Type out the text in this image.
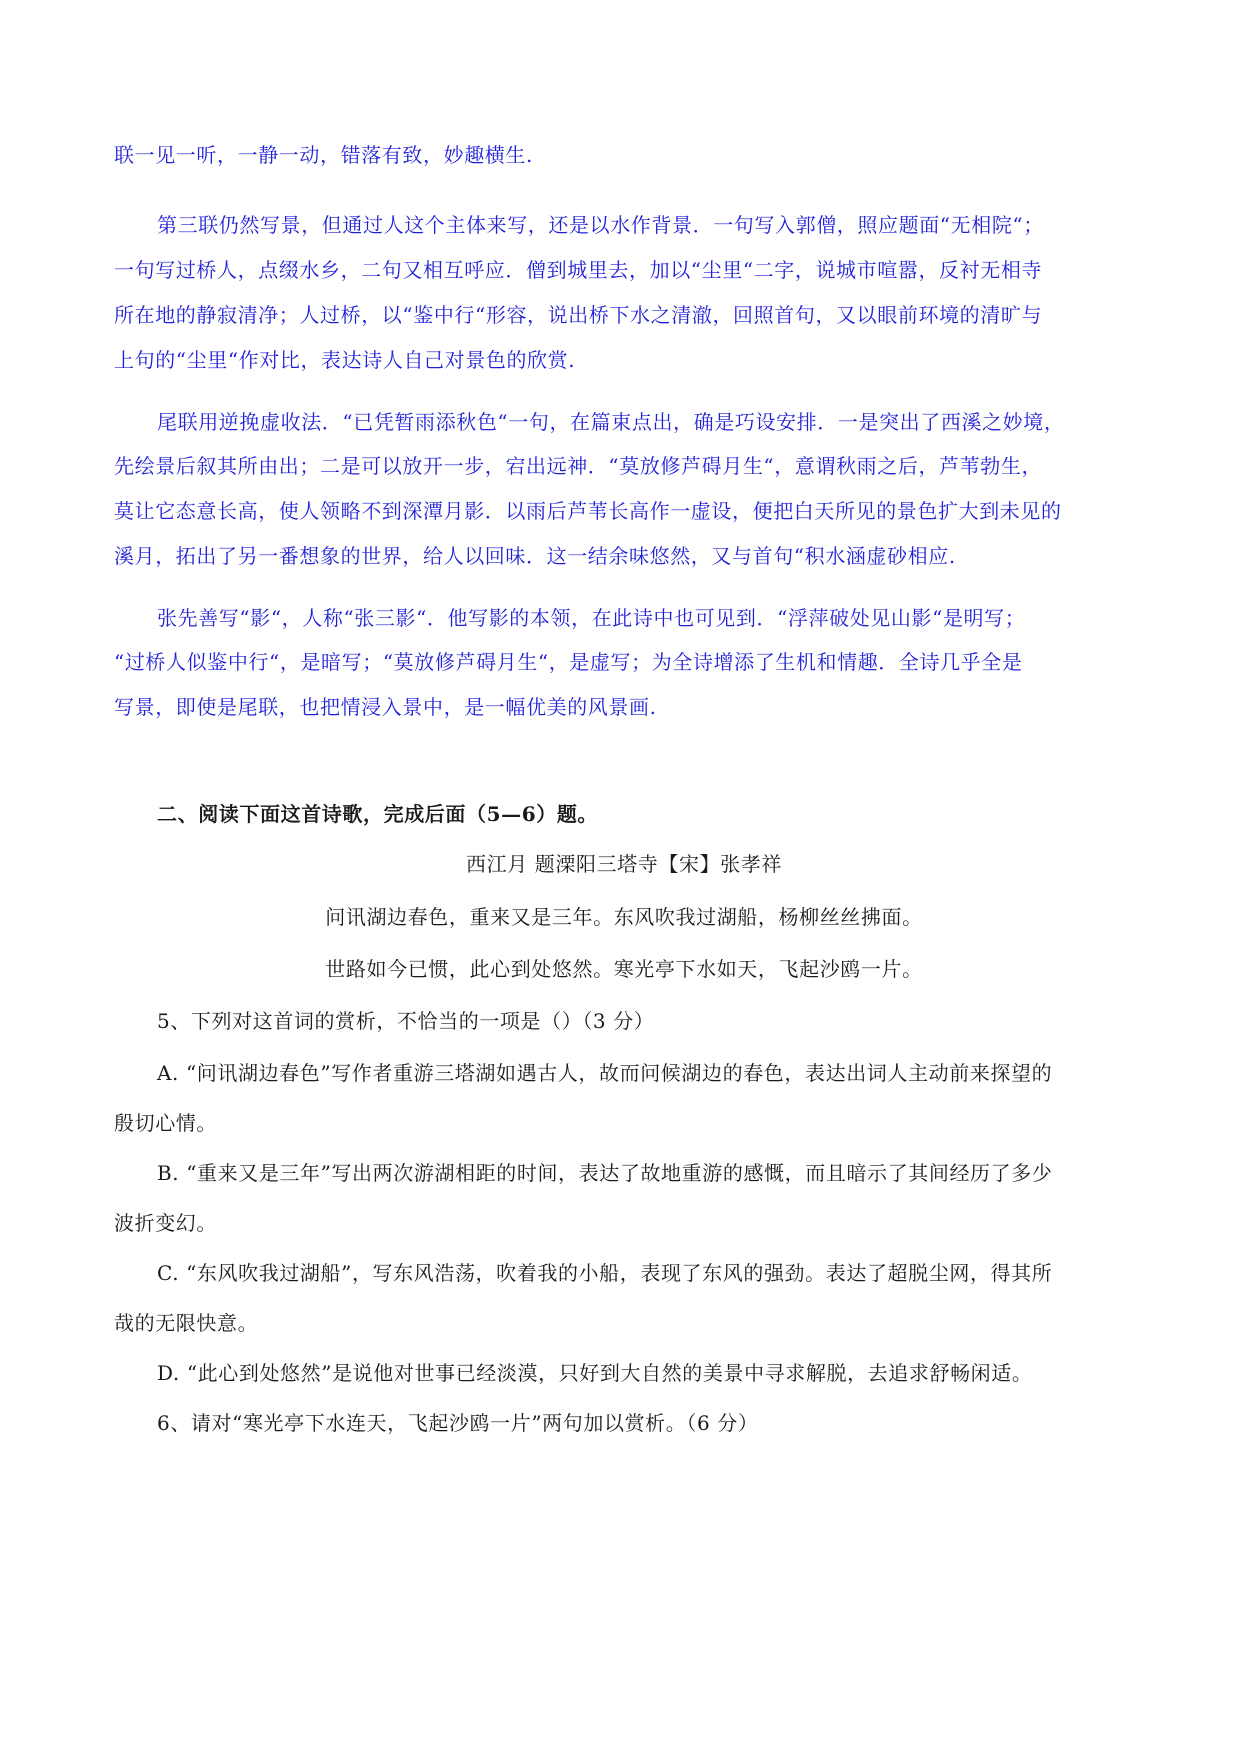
联一见一听，一静一动，错落有致，妙趣横生.
第三联仍然写景，但通过人这个主体来写，还是以水作背景．一句写入郭僧，照应题面“无相院“；
一句写过桥人，点缀水乡，二句又相互呼应．僧到城里去，加以“尘里“二字，说城市喧嚣，反衬无相寺
所在地的静寂清净；人过桥，以“鉴中行“形容，说出桥下水之清澈，回照首句，又以眼前环境的清旷与
上句的“尘里“作对比，表达诗人自己对景色的欣赏.
尾联用逆挽虚收法．“已凭暂雨添秋色“一句，在篇束点出，确是巧设安排．一是突出了西溪之妙境，
先绘景后叙其所由出；二是可以放开一步，宕出远神．“莫放修芦碍月生“，意谓秋雨之后，芦苇勃生，
莫让它态意长高，使人领略不到深潭月影．以雨后芦苇长高作一虚设，便把白天所见的景色扩大到未见的
溪月，拓出了另一番想象的世界，给人以回味．这一结余味悠然，又与首句“积水涵虚砂相应.
张先善写“影“，人称“张三影“．他写影的本领，在此诗中也可见到．“浮萍破处见山影“是明写；
“过桥人似鉴中行“，是暗写；“莫放修芦碍月生“，是虚写；为全诗增添了生机和情趣．全诗几乎全是
写景，即使是尾联，也把情浸入景中，是一幅优美的风景画.
二、阅读下面这首诗歌，完成后面（5—6）题。
西江月 题溧阳三塔寺【宋】张孝祥
问讯湖边春色，重来又是三年。东风吹我过湖船，杨柳丝丝拂面。
世路如今已惯，此心到处悠然。寒光亭下水如天，飞起沙鸥一片。
5、下列对这首词的赏析，不恰当的一项是（）（3 分）
A. “问讯湖边春色”写作者重游三塔湖如遇古人，故而问候湖边的春色，表达出词人主动前来探望的
殷切心情。
B. “重来又是三年”写出两次游湖相距的时间，表达了故地重游的感慨，而且暗示了其间经历了多少
波折变幻。
C. “东风吹我过湖船”，写东风浩荡，吹着我的小船，表现了东风的强劲。表达了超脱尘网，得其所
哉的无限快意。
D. “此心到处悠然”是说他对世事已经淡漠，只好到大自然的美景中寻求解脱，去追求舒畅闲适。
6、请对“寒光亭下水连天，飞起沙鸥一片”两句加以赏析。（6 分）
